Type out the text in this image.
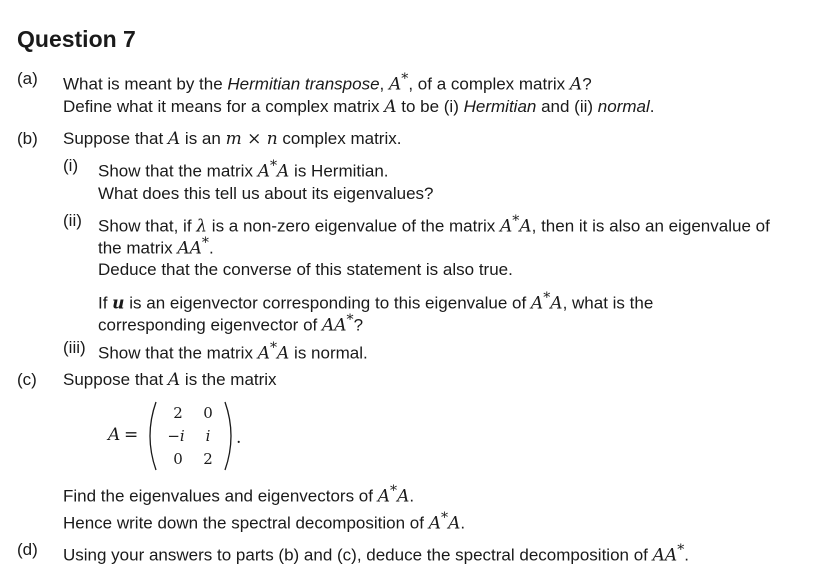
Question 7
(a) What is meant by the Hermitian transpose, A*, of a complex matrix A?
Define what it means for a complex matrix A to be (i) Hermitian and (ii) normal.
(b) Suppose that A is an m × n complex matrix.
(i) Show that the matrix A*A is Hermitian.
What does this tell us about its eigenvalues?
(ii) Show that, if λ is a non-zero eigenvalue of the matrix A*A, then it is also an eigenvalue of
the matrix AA*.
Deduce that the converse of this statement is also true.
If u is an eigenvector corresponding to this eigenvalue of A*A, what is the
corresponding eigenvector of AA*?
(iii) Show that the matrix A*A is normal.
(c) Suppose that A is the matrix
A =
2	0
−i	i
0	2
.
Find the eigenvalues and eigenvectors of A*A.
Hence write down the spectral decomposition of A*A.
(d) Using your answers to parts (b) and (c), deduce the spectral decomposition of AA*.
